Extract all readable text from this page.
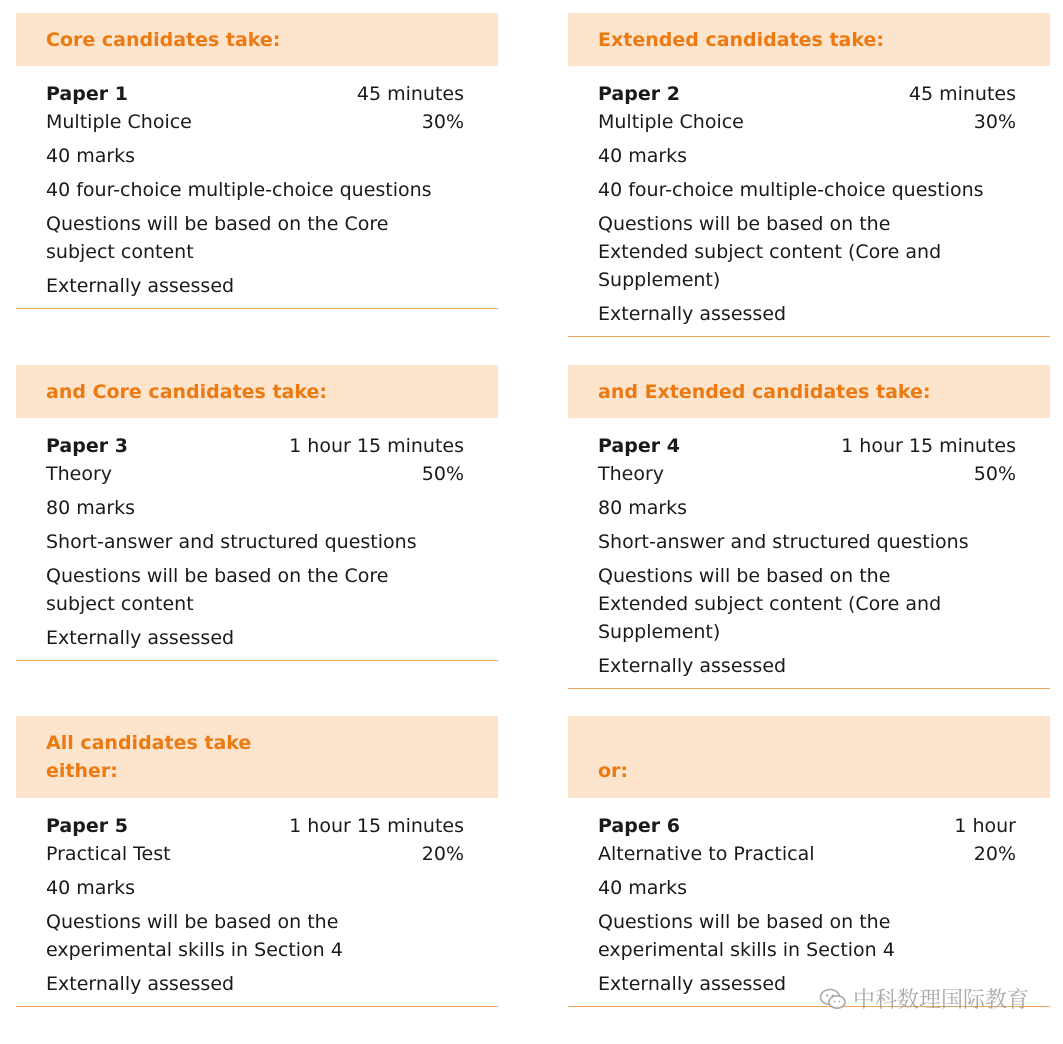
Core candidates take:
Paper 1	45 minutes
Multiple Choice	30%
40 marks
40 four-choice multiple-choice questions
Questions will be based on the Core subject content
Externally assessed
Extended candidates take:
Paper 2	45 minutes
Multiple Choice	30%
40 marks
40 four-choice multiple-choice questions
Questions will be based on the Extended subject content (Core and Supplement)
Externally assessed
and Core candidates take:
Paper 3	1 hour 15 minutes
Theory	50%
80 marks
Short-answer and structured questions
Questions will be based on the Core subject content
Externally assessed
and Extended candidates take:
Paper 4	1 hour 15 minutes
Theory	50%
80 marks
Short-answer and structured questions
Questions will be based on the Extended subject content (Core and Supplement)
Externally assessed
All candidates take
either:
Paper 5	1 hour 15 minutes
Practical Test	20%
40 marks
Questions will be based on the experimental skills in Section 4
Externally assessed
or:
Paper 6	1 hour
Alternative to Practical	20%
40 marks
Questions will be based on the experimental skills in Section 4
Externally assessed
中科数理国际教育
